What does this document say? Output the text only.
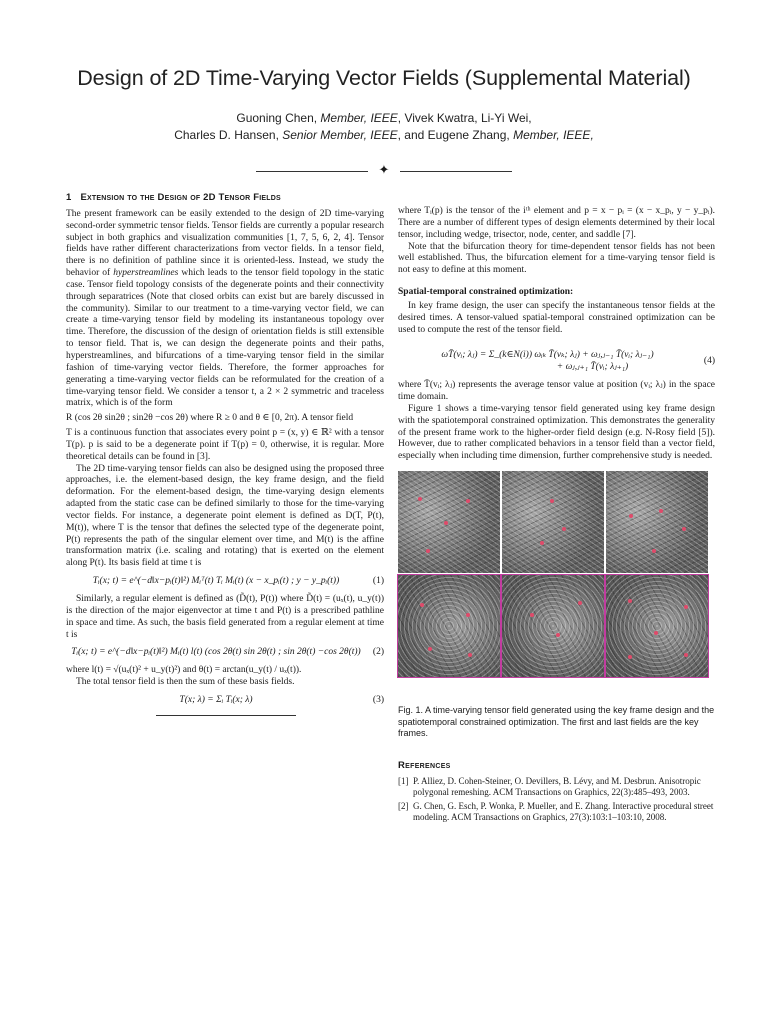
Design of 2D Time-Varying Vector Fields (Supplemental Material)
Guoning Chen, Member, IEEE, Vivek Kwatra, Li-Yi Wei,
Charles D. Hansen, Senior Member, IEEE, and Eugene Zhang, Member, IEEE,
✦
1 Extension to the Design of 2D Tensor Fields

The present framework can be easily extended to the design of 2D time-varying second-order symmetric tensor fields. Tensor fields are currently a popular research subject in both graphics and visualization communities [1, 7, 5, 6, 2, 4]. Tensor fields have rather different characterizations from vector fields. In a tensor field, there is no definition of pathline since it is oriented-less. Instead, we study the behavior of hyperstreamlines which leads to the tensor field topology in the static case. Tensor field topology consists of the degenerate points and their connectivity through separatrices (Note that closed orbits can exist but are barely discussed in the community). Similar to our treatment to a time-varying vector field, we can create a time-varying tensor field by modeling its instantaneous topology over time. Therefore, the discussion of the design of orientation fields is still extensible to tensor field. That is, we can design the degenerate points and their paths, hyperstreamlines, and bifurcations of a time-varying tensor field in the similar fashion of time-varying vector fields. Therefore, the former approaches for generating a time-varying vector fields can be reformulated for the creation of a time-varying tensor field. We consider a tensor t, a 2 × 2 symmetric and traceless matrix, which is of the form

R (cos 2θ sin2θ ; sin2θ −cos 2θ) where R ≥ 0 and θ ∈ [0, 2π). A tensor field

T is a continuous function that associates every point p = (x, y) ∈ ℝ² with a tensor T(p). p is said to be a degenerate point if T(p) = 0, otherwise, it is regular. More theoretical details can be found in [3].

The 2D time-varying tensor fields can also be designed using the proposed three approaches, i.e. the element-based design, the key frame design, and the field deformation. For the element-based design, the time-varying design elements adapted from the static case can be defined similarly to those for the time-varying vector fields. For instance, a degenerate point element is defined as D(T, P(t), M(t)), where T is the tensor that defines the selected type of the degenerate point, P(t) represents the path of the singular element over time, and M(t) is the affine transformation matrix (i.e. scaling and rotating) that is exerted on the element along P(t). Its basis field at time t is

Tᵢ(x; t) = e^(−d‖x−pᵢ(t)‖²) Mᵢᵀ(t) Tᵢ Mᵢ(t) (x − x_pᵢ(t) ; y − y_pᵢ(t))	(1)

Similarly, a regular element is defined as (D̃(t), P(t)) where D̃(t) = (uₓ(t), u_y(t)) is the direction of the major eigenvector at time t and P(t) is a prescribed pathline in space and time. As such, the basis field generated from a regular element at time t is

Tᵢ(x; t) = e^(−d‖x−pᵢ(t)‖²) Mᵢ(t) l(t) (cos 2θ(t) sin 2θ(t) ; sin 2θ(t) −cos 2θ(t))	(2)

where l(t) = √(uₓ(t)² + u_y(t)²) and θ(t) = arctan(u_y(t) / uₓ(t)).

The total tensor field is then the sum of these basis fields.

T(x; λ) = Σᵢ Tᵢ(x; λ)	(3)

where Tᵢ(p) is the tensor of the iᵗʰ element and p = x − pᵢ = (x − x_pᵢ, y − y_pᵢ). There are a number of different types of design elements determined by their local tensor, including wedge, trisector, node, center, and saddle [7].

Note that the bifurcation theory for time-dependent tensor fields has not been well established. Thus, the bifurcation element for a time-varying tensor field is not easy to define at this moment.

Spatial-temporal constrained optimization:

In key frame design, the user can specify the instantaneous tensor fields at the desired times. A tensor-valued spatial-temporal constrained optimization can be used to compute the rest of the tensor field.

ωT̄(vᵢ; λⱼ) = Σ_(k∈N(i)) ωᵢₖ T̄(vₖ; λⱼ) + ωⱼ,ⱼ₋₁ T̄(vᵢ; λⱼ₋₁)
+ ωⱼ,ⱼ₊₁ T̄(vᵢ; λⱼ₊₁)
(4)

where T̄(vᵢ; λⱼ) represents the average tensor value at position (vᵢ; λⱼ) in the space time domain.

Figure 1 shows a time-varying tensor field generated using key frame design with the spatiotemporal constrained optimization. This demonstrates the generality of the present frame work to the higher-order field design (e.g. N-Rosy field [5]). However, due to rather complicated behaviors in a tensor field than a vector field, especially when including time dimension, further comprehensive study is needed.

Fig. 1. A time-varying tensor field generated using the key frame design and the spatiotemporal constrained optimization. The first and last fields are the key frames.
References
[1] P. Alliez, D. Cohen-Steiner, O. Devillers, B. Lévy, and M. Desbrun. Anisotropic polygonal remeshing. ACM Transactions on Graphics, 22(3):485–493, 2003.
[2] G. Chen, G. Esch, P. Wonka, P. Mueller, and E. Zhang. Interactive procedural street modeling. ACM Transactions on Graphics, 27(3):103:1–103:10, 2008.
